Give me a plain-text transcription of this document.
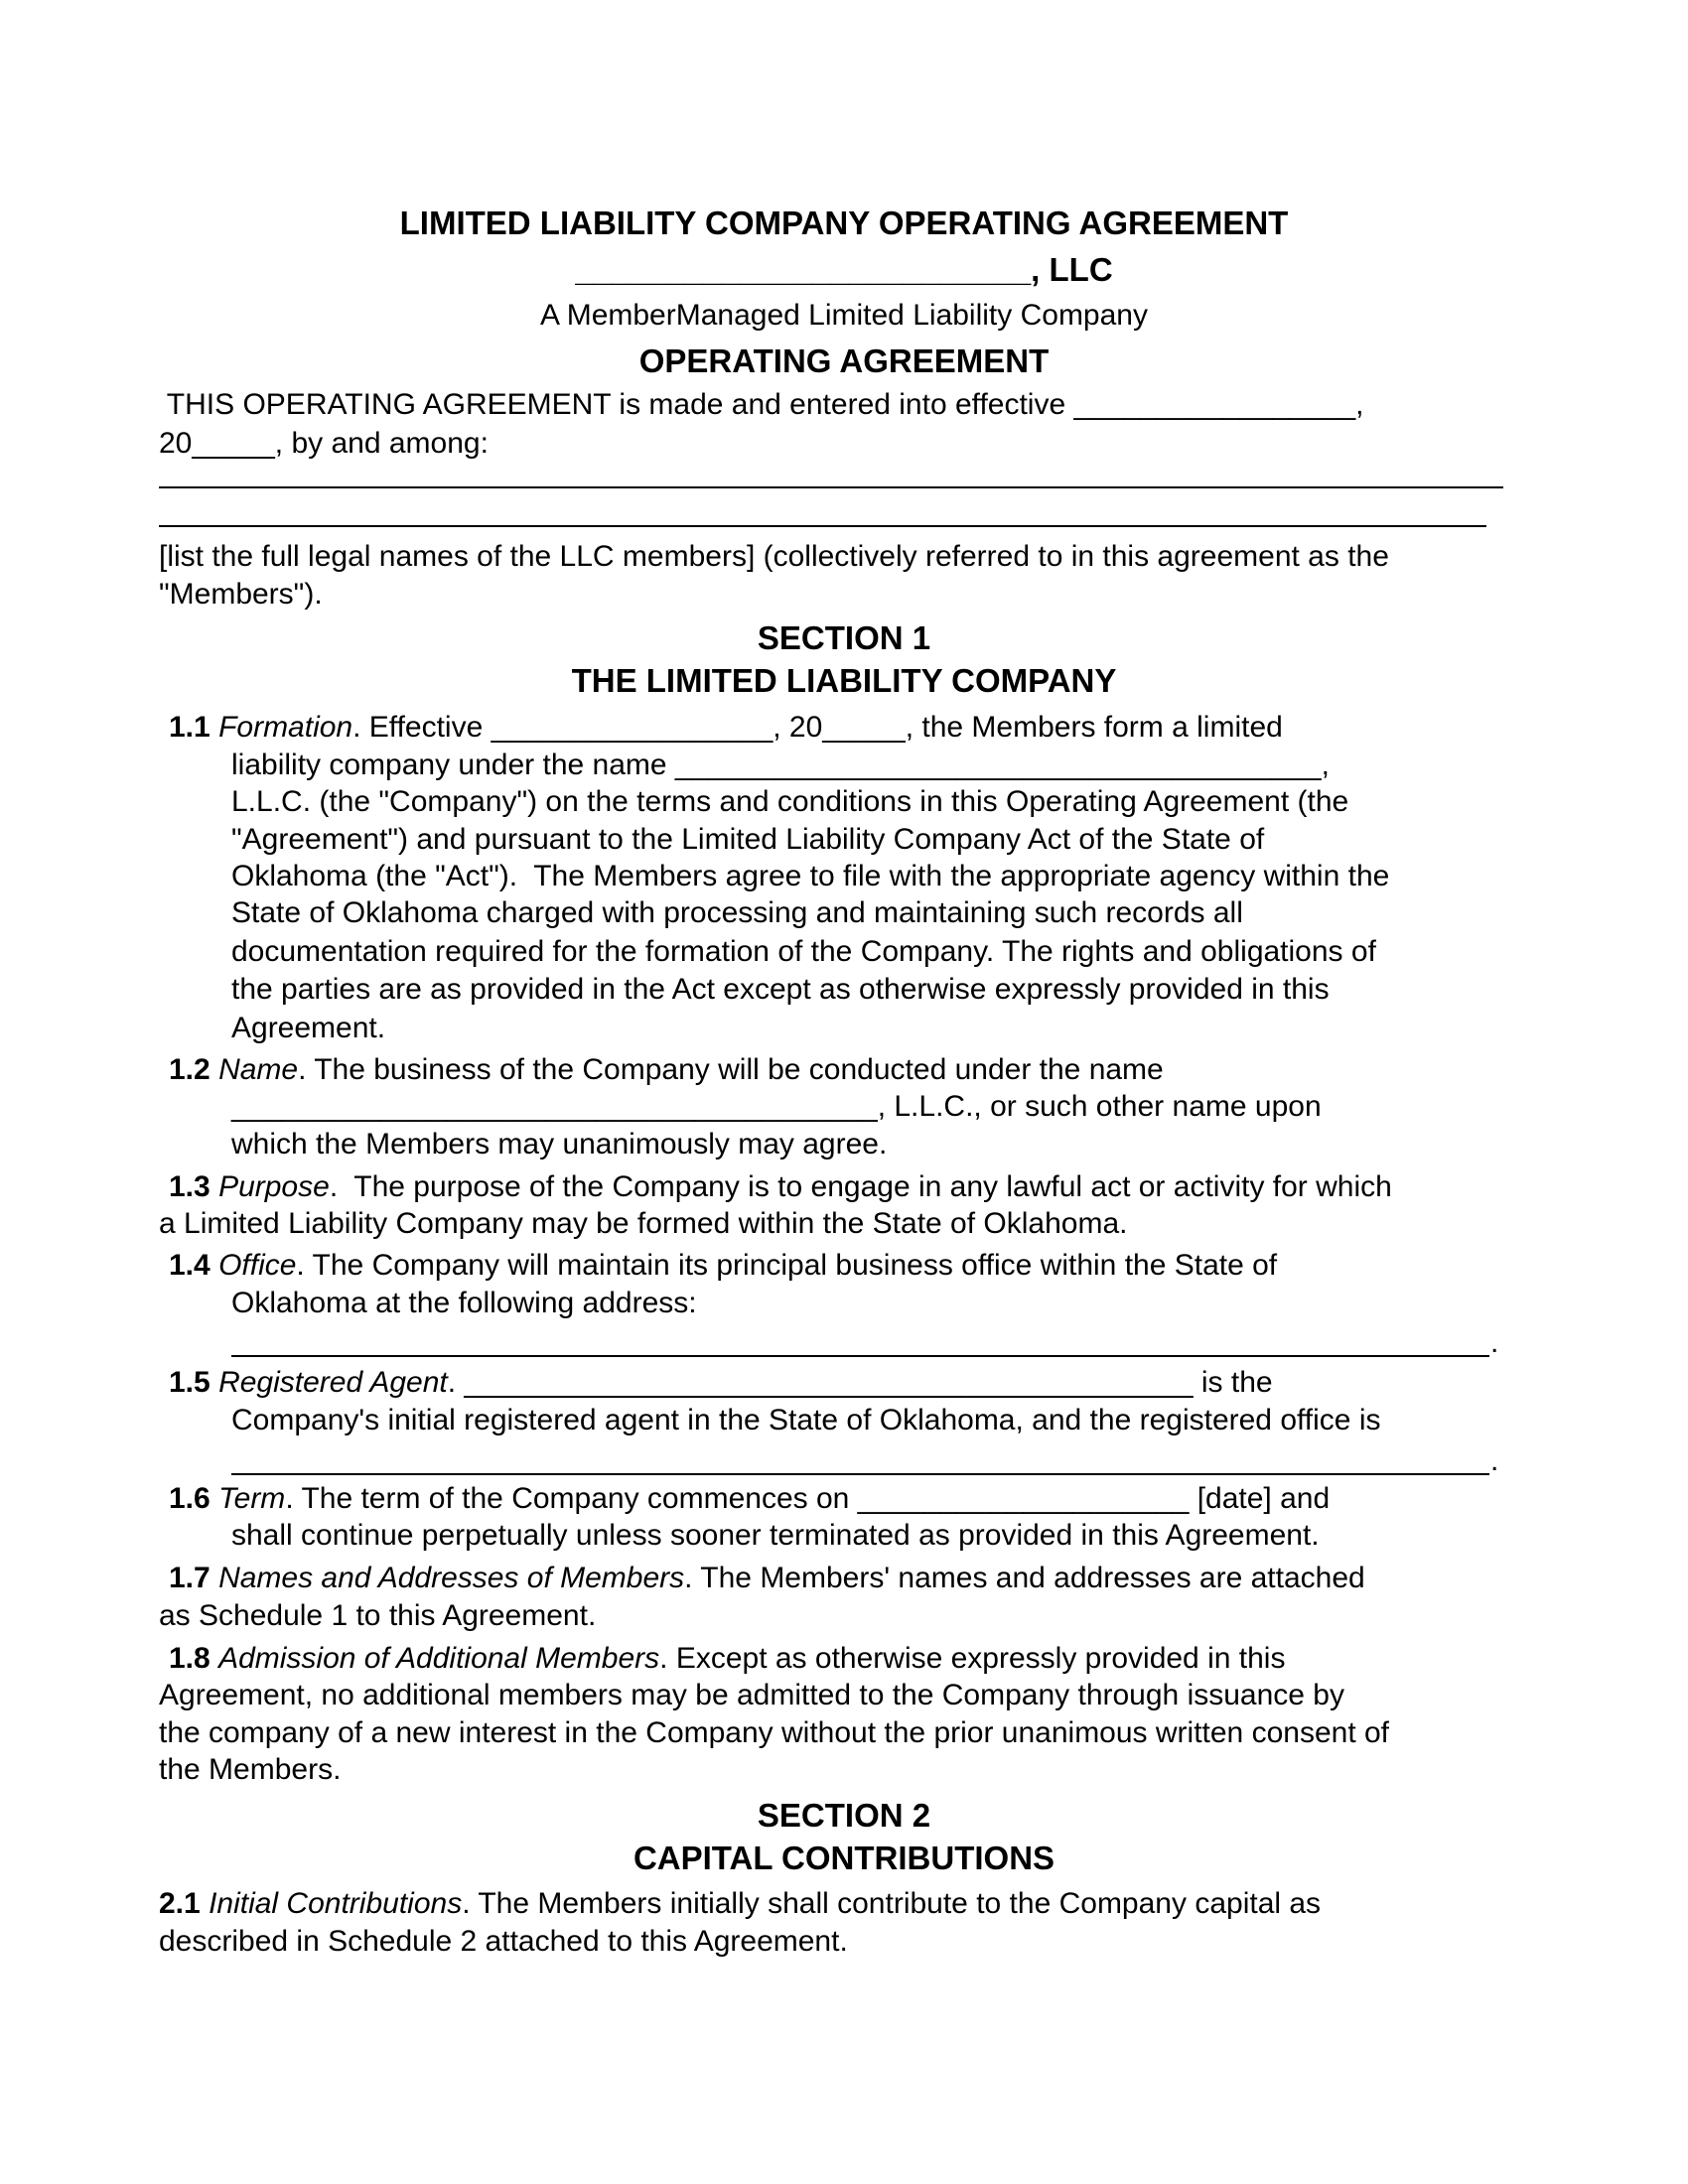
LIMITED LIABILITY COMPANY OPERATING AGREEMENT
_________________________, LLC
A MemberManaged Limited Liability Company
OPERATING AGREEMENT
THIS OPERATING AGREEMENT is made and entered into effective _________________,
20_____, by and among:
[list the full legal names of the LLC members] (collectively referred to in this agreement as the
"Members").
SECTION 1
THE LIMITED LIABILITY COMPANY
1.1 Formation. Effective _________________, 20_____, the Members form a limited
liability company under the name _______________________________________,
L.L.C. (the "Company") on the terms and conditions in this Operating Agreement (the
"Agreement") and pursuant to the Limited Liability Company Act of the State of
Oklahoma (the "Act").  The Members agree to file with the appropriate agency within the
State of Oklahoma charged with processing and maintaining such records all
documentation required for the formation of the Company. The rights and obligations of
the parties are as provided in the Act except as otherwise expressly provided in this
Agreement.
1.2 Name. The business of the Company will be conducted under the name
_______________________________________, L.L.C., or such other name upon
which the Members may unanimously may agree.
1.3 Purpose.  The purpose of the Company is to engage in any lawful act or activity for which
a Limited Liability Company may be formed within the State of Oklahoma.
1.4 Office. The Company will maintain its principal business office within the State of
Oklahoma at the following address:
.
1.5 Registered Agent. ____________________________________________ is the
Company's initial registered agent in the State of Oklahoma, and the registered office is
.
1.6 Term. The term of the Company commences on ____________________ [date] and
shall continue perpetually unless sooner terminated as provided in this Agreement.
1.7 Names and Addresses of Members. The Members' names and addresses are attached
as Schedule 1 to this Agreement.
1.8 Admission of Additional Members. Except as otherwise expressly provided in this
Agreement, no additional members may be admitted to the Company through issuance by
the company of a new interest in the Company without the prior unanimous written consent of
the Members.
SECTION 2
CAPITAL CONTRIBUTIONS
2.1 Initial Contributions. The Members initially shall contribute to the Company capital as
described in Schedule 2 attached to this Agreement.
